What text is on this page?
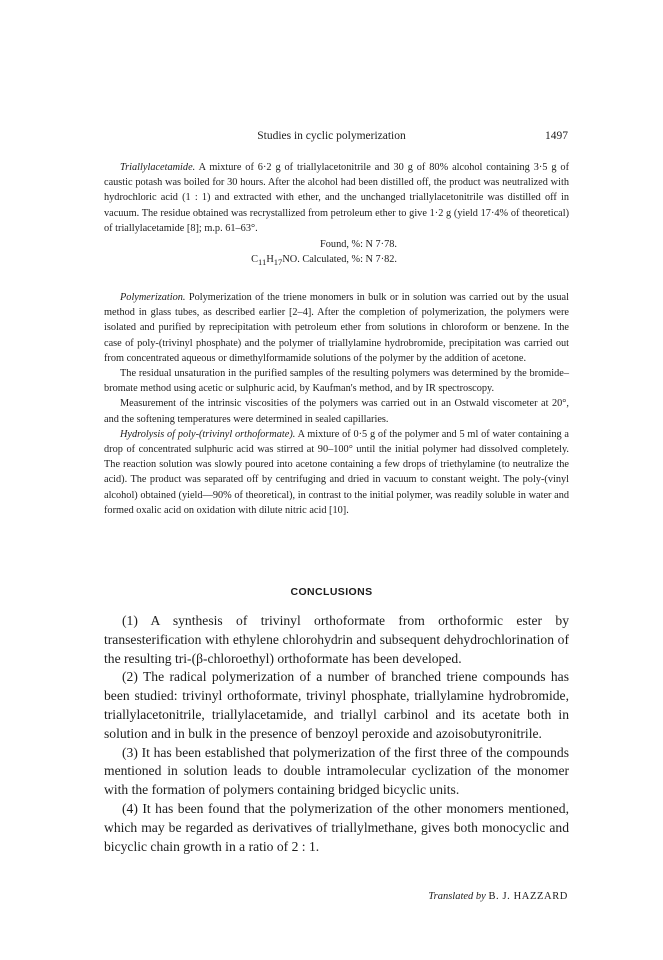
Studies in cyclic polymerization	1497

Triallylacetamide. A mixture of 6·2 g of triallylacetonitrile and 30 g of 80% alcohol containing 3·5 g of caustic potash was boiled for 30 hours. After the alcohol had been distilled off, the product was neutralized with hydrochloric acid (1 : 1) and extracted with ether, and the unchanged triallylacetonitrile was distilled off in vacuum. The residue obtained was recrystallized from petroleum ether to give 1·2 g (yield 17·4% of theoretical) of triallylacetamide [8]; m.p. 61–63°.

Found, %: N 7·78.
$C_{11}H_{17}NO$. Calculated, %: N 7·82.

Polymerization. Polymerization of the triene monomers in bulk or in solution was carried out by the usual method in glass tubes, as described earlier [2–4]. After the completion of polymerization, the polymers were isolated and purified by reprecipitation with petroleum ether from solutions in chloroform or benzene. In the case of poly-(trivinyl phosphate) and the polymer of triallylamine hydrobromide, precipitation was carried out from concentrated aqueous or dimethylformamide solutions of the polymer by the addition of acetone.

The residual unsaturation in the purified samples of the resulting polymers was determined by the bromide–bromate method using acetic or sulphuric acid, by Kaufman's method, and by IR spectroscopy.

Measurement of the intrinsic viscosities of the polymers was carried out in an Ostwald viscometer at 20°, and the softening temperatures were determined in sealed capillaries.

Hydrolysis of poly-(trivinyl orthoformate). A mixture of 0·5 g of the polymer and 5 ml of water containing a drop of concentrated sulphuric acid was stirred at 90–100° until the initial polymer had dissolved completely. The reaction solution was slowly poured into acetone containing a few drops of triethylamine (to neutralize the acid). The product was separated off by centrifuging and dried in vacuum to constant weight. The poly-(vinyl alcohol) obtained (yield—90% of theoretical), in contrast to the initial polymer, was readily soluble in water and formed oxalic acid on oxidation with dilute nitric acid [10].

CONCLUSIONS

(1) A synthesis of trivinyl orthoformate from orthoformic ester by transesterification with ethylene chlorohydrin and subsequent dehydrochlorination of the resulting tri-(β-chloroethyl) orthoformate has been developed.

(2) The radical polymerization of a number of branched triene compounds has been studied: trivinyl orthoformate, trivinyl phosphate, triallylamine hydrobromide, triallylacetonitrile, triallylacetamide, and triallyl carbinol and its acetate both in solution and in bulk in the presence of benzoyl peroxide and azoisobutyronitrile.

(3) It has been established that polymerization of the first three of the compounds mentioned in solution leads to double intramolecular cyclization of the monomer with the formation of polymers containing bridged bicyclic units.

(4) It has been found that the polymerization of the other monomers mentioned, which may be regarded as derivatives of triallylmethane, gives both monocyclic and bicyclic chain growth in a ratio of 2 : 1.

Translated by B. J. HAZZARD
